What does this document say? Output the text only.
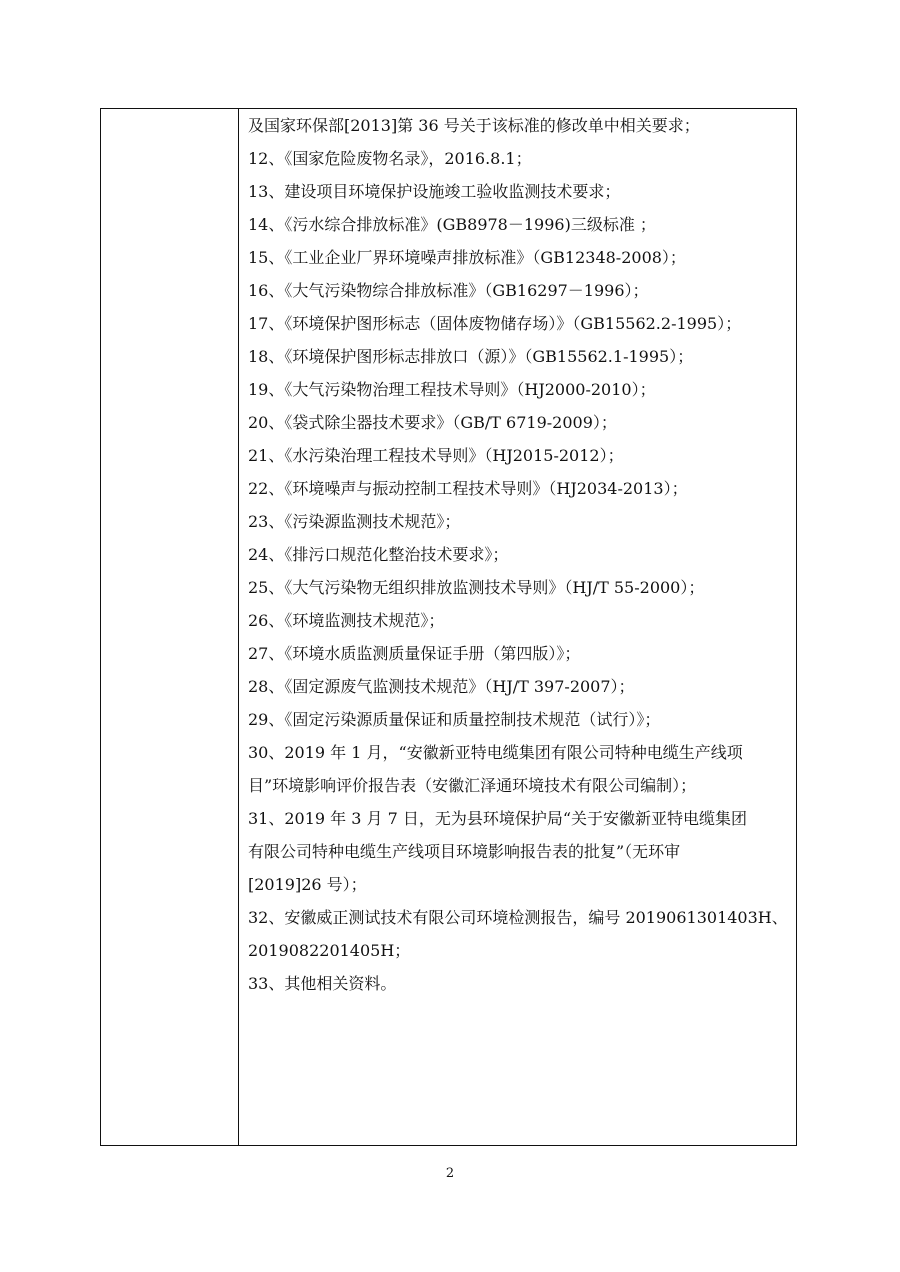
及国家环保部[2013]第 36 号关于该标准的修改单中相关要求；
12、《国家危险废物名录》，2016.8.1；
13、建设项目环境保护设施竣工验收监测技术要求；
14、《污水综合排放标准》(GB8978－1996)三级标准 ；
15、《工业企业厂界环境噪声排放标准》（GB12348-2008）；
16、《大气污染物综合排放标准》（GB16297－1996）；
17、《环境保护图形标志（固体废物储存场）》（GB15562.2-1995）；
18、《环境保护图形标志排放口（源）》（GB15562.1-1995）；
19、《大气污染物治理工程技术导则》（HJ2000-2010）；
20、《袋式除尘器技术要求》（GB/T 6719-2009）；
21、《水污染治理工程技术导则》（HJ2015-2012）；
22、《环境噪声与振动控制工程技术导则》（HJ2034-2013）；
23、《污染源监测技术规范》；
24、《排污口规范化整治技术要求》；
25、《大气污染物无组织排放监测技术导则》（HJ/T 55-2000）；
26、《环境监测技术规范》；
27、《环境水质监测质量保证手册（第四版）》；
28、《固定源废气监测技术规范》（HJ/T 397-2007）；
29、《固定污染源质量保证和质量控制技术规范（试行）》；
30、2019 年 1 月，“安徽新亚特电缆集团有限公司特种电缆生产线项
目”环境影响评价报告表（安徽汇泽通环境技术有限公司编制）；
31、2019 年 3 月 7 日，无为县环境保护局“关于安徽新亚特电缆集团
有限公司特种电缆生产线项目环境影响报告表的批复”（无环审
[2019]26 号）；
32、安徽威正测试技术有限公司环境检测报告，编号 2019061301403H、
2019082201405H；
33、其他相关资料。
2
